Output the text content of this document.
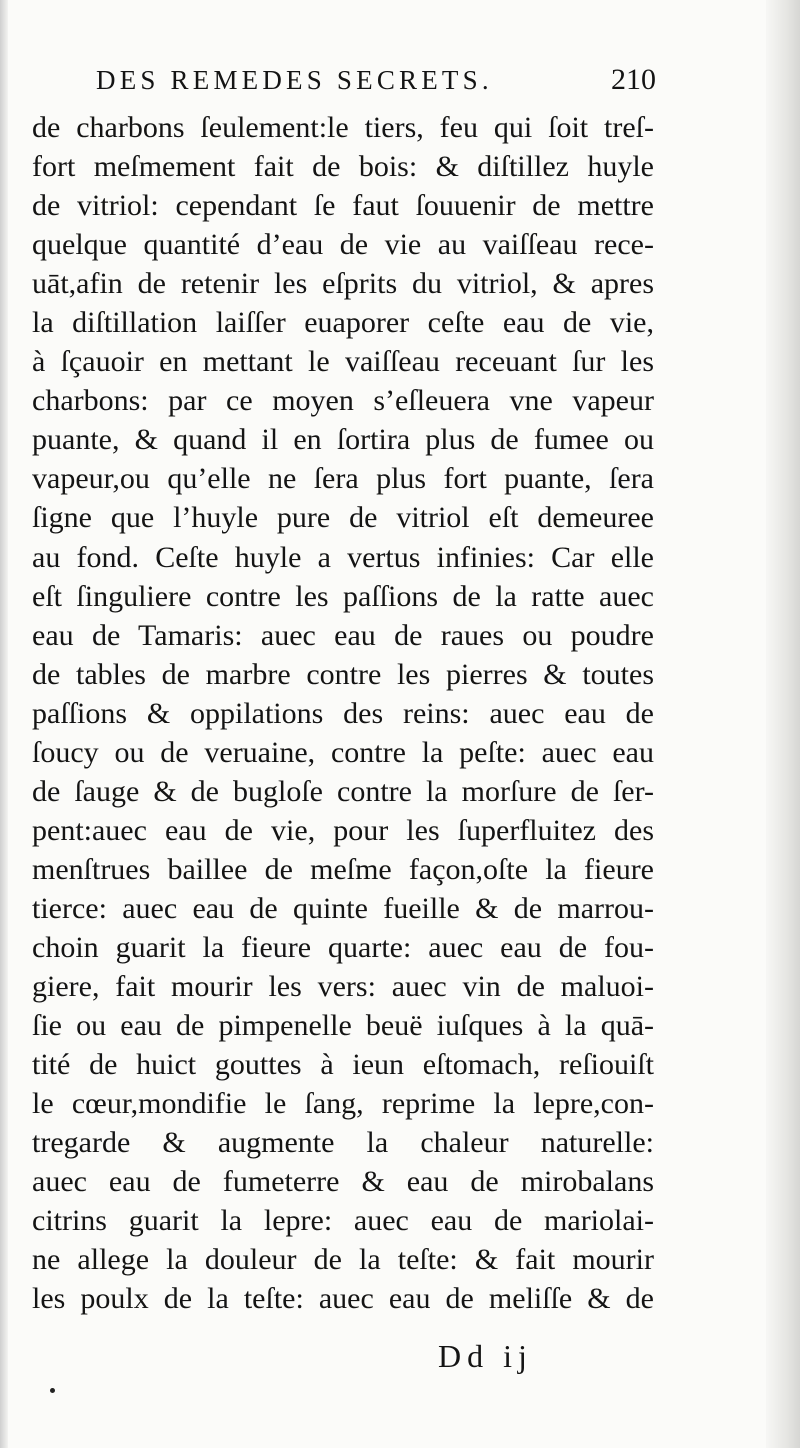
DES REMEDES SECRETS.	210
de charbons ſeulement:le tiers, feu qui ſoit treſ-
fort meſmement fait de bois: & diſtillez huyle
de vitriol: cependant ſe faut ſouuenir de mettre
quelque quantité d’eau de vie au vaiſſeau rece-
uāt,afin de retenir les eſprits du vitriol, & apres
la diſtillation laiſſer euaporer ceſte eau de vie,
à ſçauoir en mettant le vaiſſeau receuant ſur les
charbons: par ce moyen s’eſleuera vne vapeur
puante, & quand il en ſortira plus de fumee ou
vapeur,ou qu’elle ne ſera plus fort puante, ſera
ſigne que l’huyle pure de vitriol eſt demeuree
au fond. Ceſte huyle a vertus infinies: Car elle
eſt ſinguliere contre les paſſions de la ratte auec
eau de Tamaris: auec eau de raues ou poudre
de tables de marbre contre les pierres & toutes
paſſions & oppilations des reins: auec eau de
ſoucy ou de veruaine, contre la peſte: auec eau
de ſauge & de bugloſe contre la morſure de ſer-
pent:auec eau de vie, pour les ſuperfluitez des
menſtrues baillee de meſme façon,oſte la fieure
tierce: auec eau de quinte fueille & de marrou-
choin guarit la fieure quarte: auec eau de fou-
giere, fait mourir les vers: auec vin de maluoi-
ſie ou eau de pimpenelle beuë iuſques à la quā-
tité de huict gouttes à ieun eſtomach, reſiouiſt
le cœur,mondifie le ſang, reprime la lepre,con-
tregarde & augmente la chaleur naturelle:
auec eau de fumeterre & eau de mirobalans
citrins guarit la lepre: auec eau de mariolai-
ne allege la douleur de la teſte: & fait mourir
les poulx de la teſte: auec eau de meliſſe & de
Dd ij
